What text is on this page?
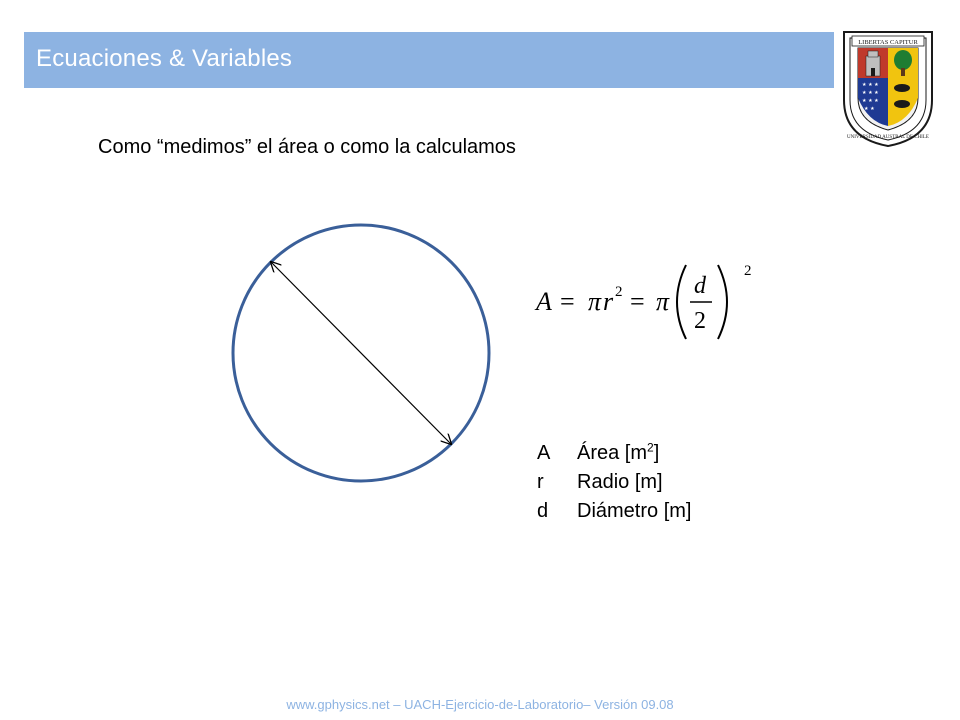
Ecuaciones & Variables
LIBERTAS CAPITUR
★ ★ ★
★ ★ ★
★ ★ ★
★ ★
UNIVERSIDAD AUSTRAL DE CHILE
Como “medimos” el área o como la calculamos
A = π r 2 = π
d
2
2
A	Área $[m^2]$
r	Radio [m]
d	Diámetro [m]
www.gphysics.net – UACH-Ejercicio-de-Laboratorio– Versión 09.08
